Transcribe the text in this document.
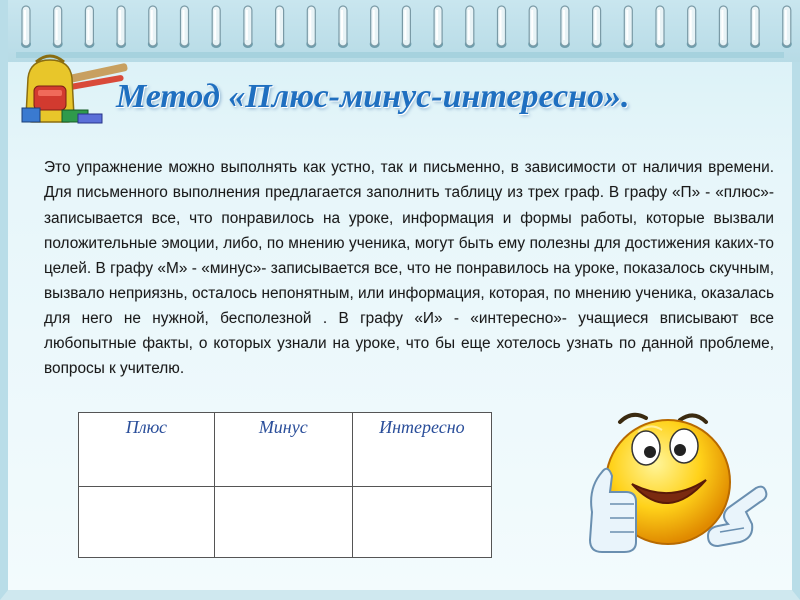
Метод «Плюс-минус-интересно».

Это упражнение можно выполнять как устно, так и письменно, в зависимости от наличия времени. Для письменного выполнения предлагается заполнить таблицу из трех граф. В графу «П» - «плюс»- записывается все, что понравилось на уроке, информация и формы работы, которые вызвали положительные эмоции, либо, по мнению ученика, могут быть ему полезны для достижения каких-то целей. В графу «М» - «минус»- записывается все, что не понравилось на уроке, показалось скучным, вызвало неприязнь, осталось непонятным, или информация, которая, по мнению ученика, оказалась для него не нужной, бесполезной . В графу «И» - «интересно»- учащиеся вписывают все любопытные факты, о которых узнали на уроке, что бы еще хотелось узнать по данной проблеме, вопросы к учителю.

Плюс	Минус	Интересно
